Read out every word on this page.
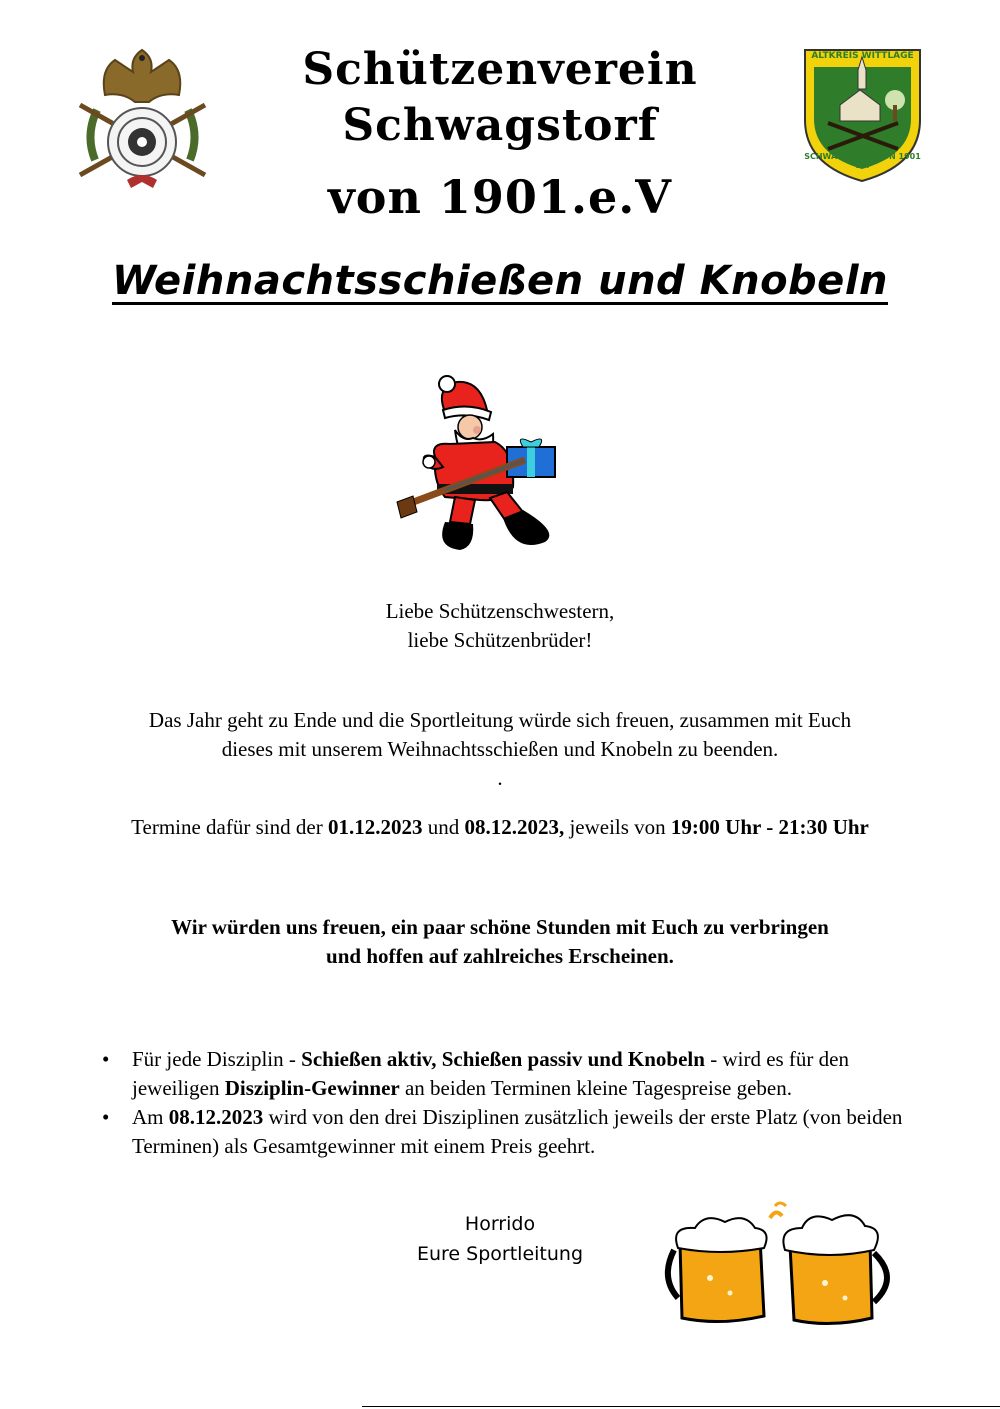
Schützenverein Schwagstorf
von 1901.e.V
ALTKREIS WITTLAGE
SCHWAGSTORF VON 1901 EV.
Weihnachtsschießen und Knobeln
Liebe Schützenschwestern,
liebe Schützenbrüder!
Das Jahr geht zu Ende und die Sportleitung würde sich freuen, zusammen mit Euch
dieses mit unserem Weihnachtsschießen und Knobeln zu beenden.
.
Termine dafür sind der 01.12.2023 und 08.12.2023, jeweils von 19:00 Uhr - 21:30 Uhr
Wir würden uns freuen, ein paar schöne Stunden mit Euch zu verbringen
und hoffen auf zahlreiches Erscheinen.
• Für jede Disziplin - Schießen aktiv, Schießen passiv und Knobeln - wird es für den jeweiligen Disziplin-Gewinner an beiden Terminen kleine Tagespreise geben.
• Am 08.12.2023 wird von den drei Disziplinen zusätzlich jeweils der erste Platz (von beiden Terminen) als Gesamtgewinner mit einem Preis geehrt.
Horrido
Eure Sportleitung
